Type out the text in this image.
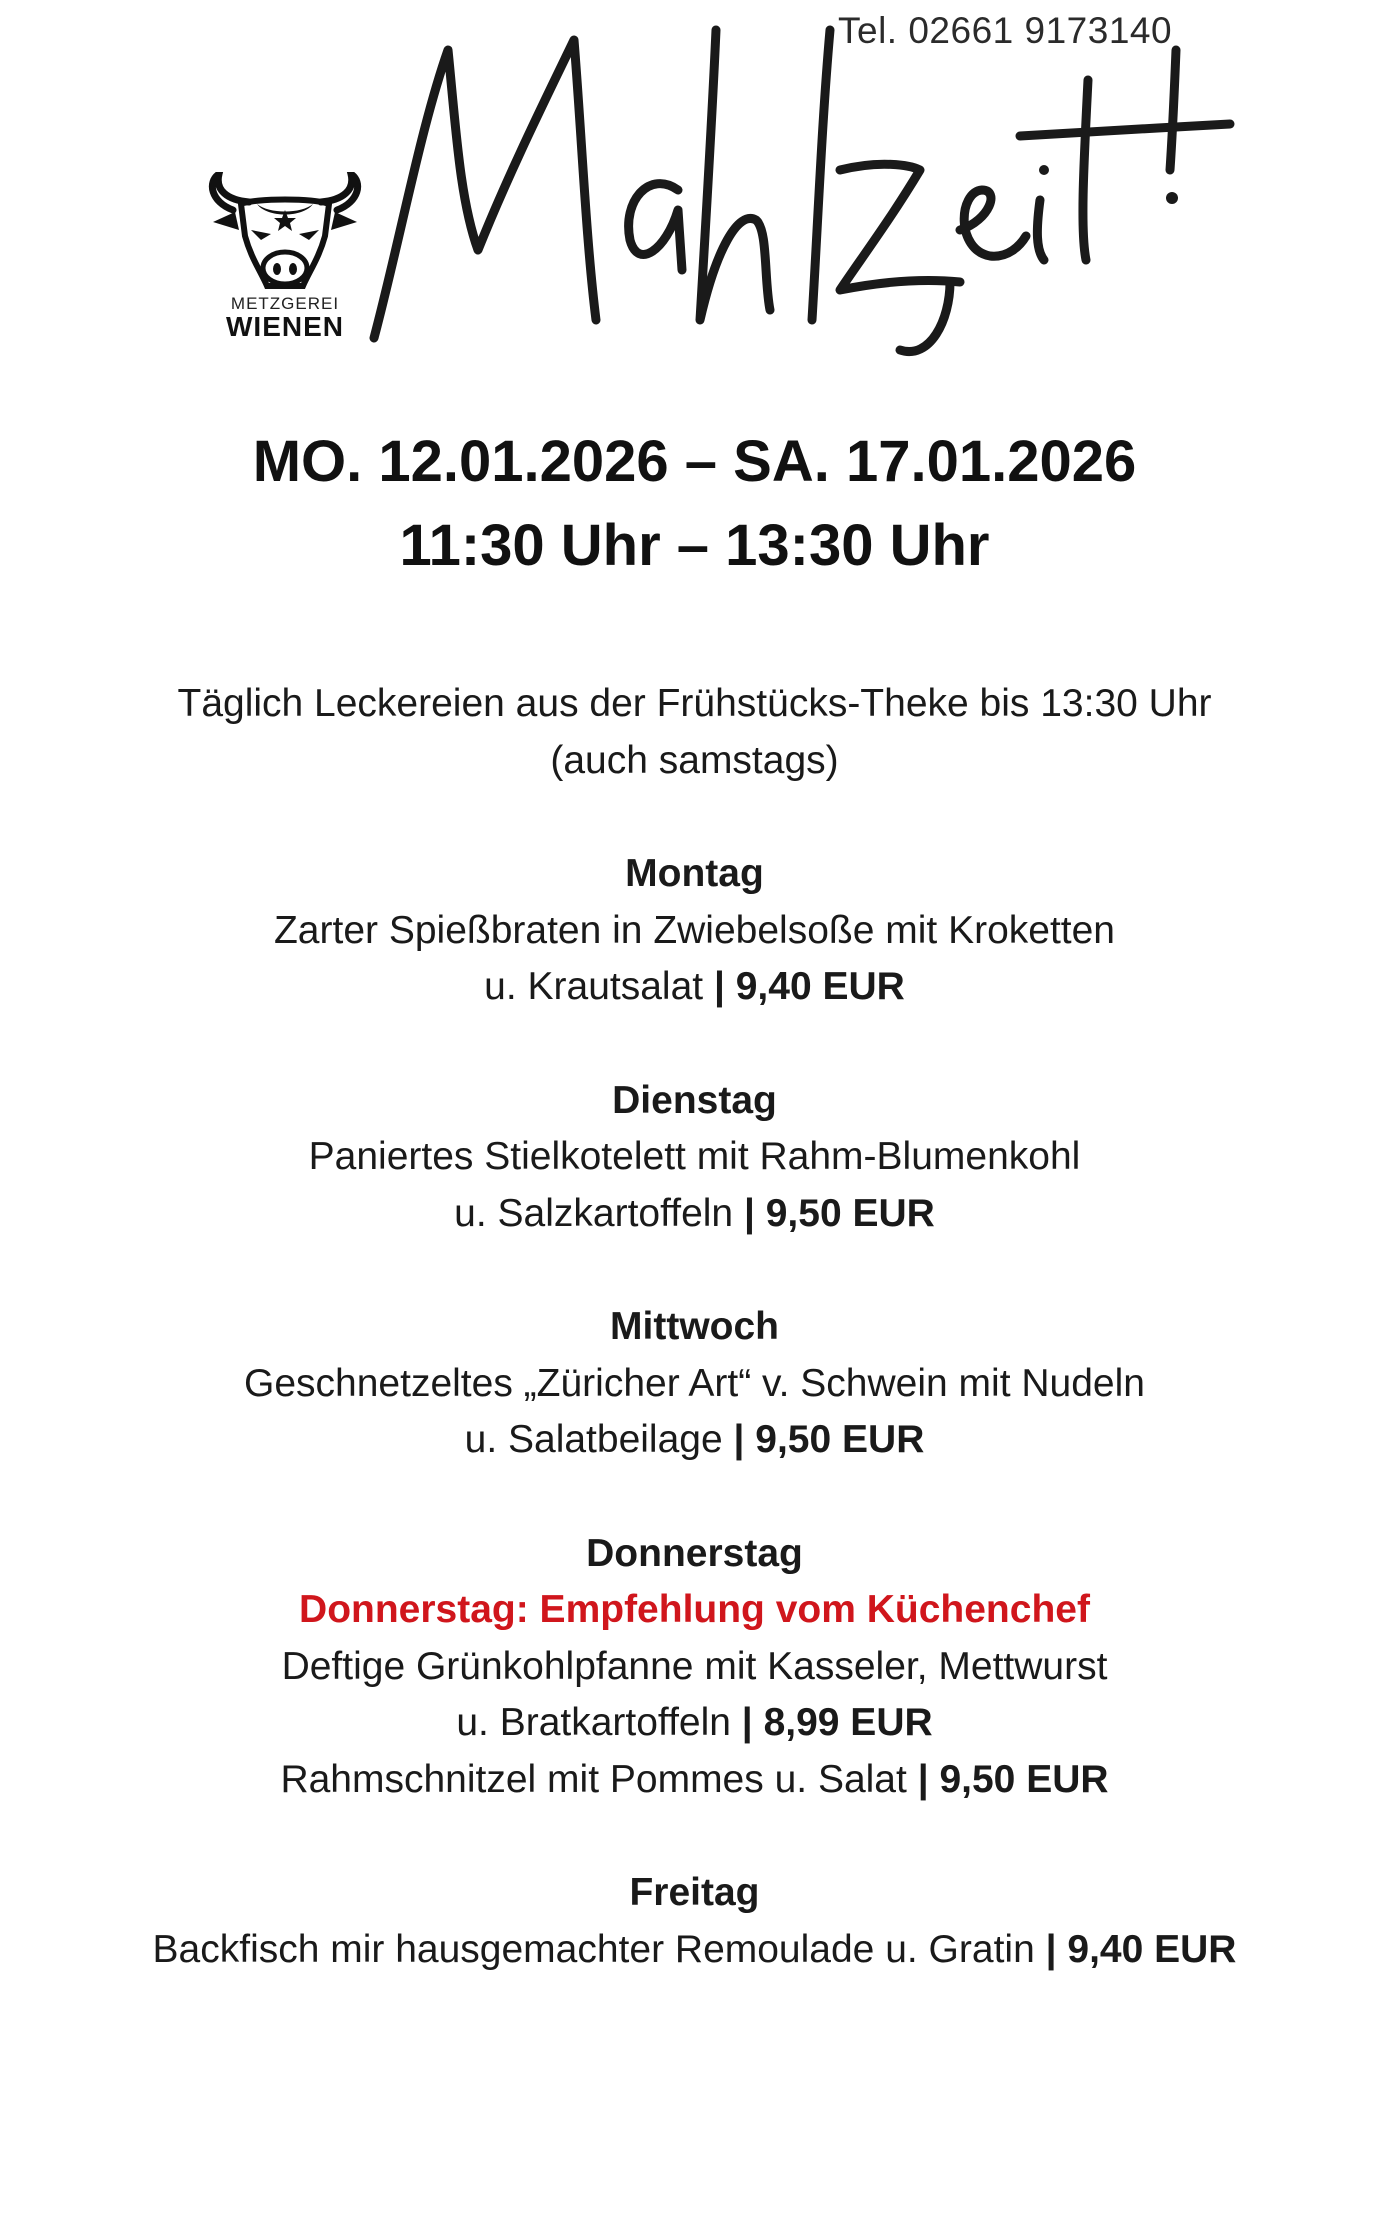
Tel. 02661 9173140
METZGEREI
WIENEN
MO. 12.01.2026 – SA. 17.01.2026
11:30 Uhr – 13:30 Uhr

Täglich Leckereien aus der Frühstücks-Theke bis 13:30 Uhr

(auch samstags)

Montag

Zarter Spießbraten in Zwiebelsoße mit Kroketten

u. Krautsalat | 9,40 EUR

Dienstag

Paniertes Stielkotelett mit Rahm-Blumenkohl

u. Salzkartoffeln | 9,50 EUR

Mittwoch

Geschnetzeltes „Züricher Art“ v. Schwein mit Nudeln

u. Salatbeilage | 9,50 EUR

Donnerstag

Donnerstag: Empfehlung vom Küchenchef

Deftige Grünkohlpfanne mit Kasseler, Mettwurst

u. Bratkartoffeln | 8,99 EUR

Rahmschnitzel mit Pommes u. Salat | 9,50 EUR

Freitag

Backfisch mir hausgemachter Remoulade u. Gratin | 9,40 EUR
